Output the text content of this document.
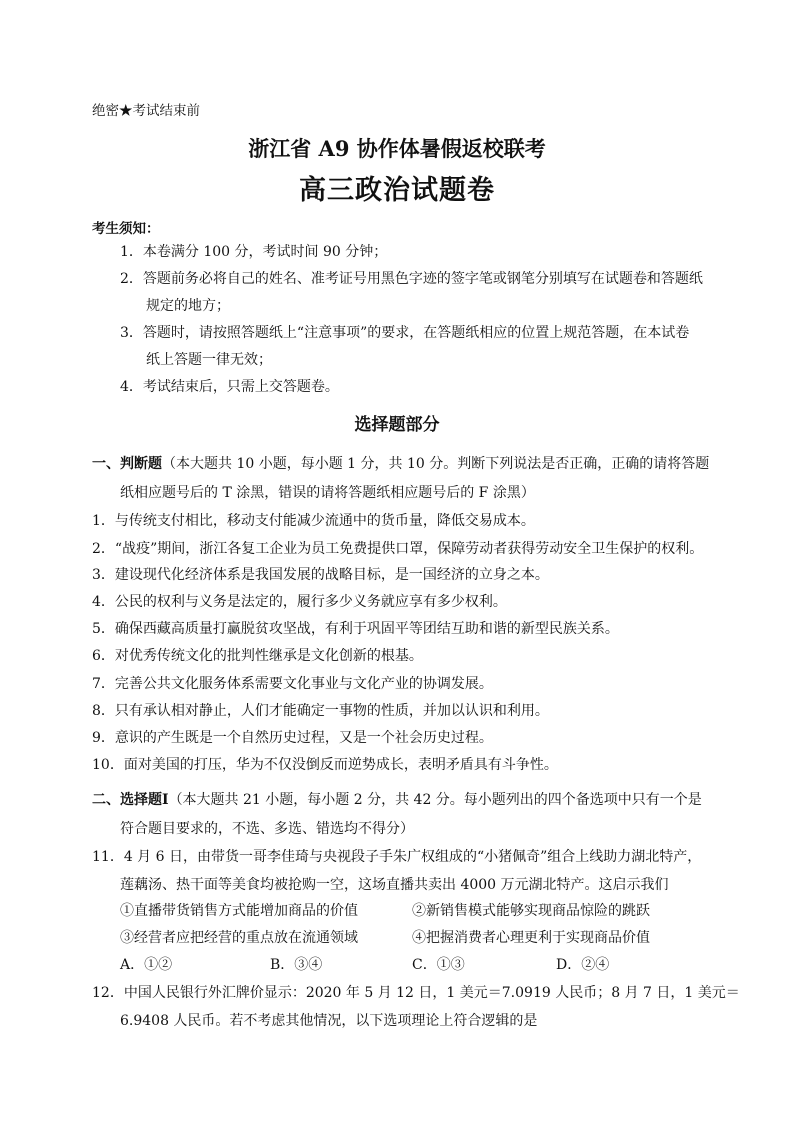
绝密★考试结束前
浙江省 A9 协作体暑假返校联考
高三政治试题卷
考生须知：
1．本卷满分 100 分，考试时间 90 分钟；
2．答题前务必将自己的姓名、准考证号用黑色字迹的签字笔或钢笔分别填写在试题卷和答题纸
规定的地方；
3．答题时，请按照答题纸上“注意事项”的要求，在答题纸相应的位置上规范答题，在本试卷
纸上答题一律无效；
4．考试结束后，只需上交答题卷。
选择题部分
一、判断题（本大题共 10 小题，每小题 1 分，共 10 分。判断下列说法是否正确，正确的请将答题
纸相应题号后的 T 涂黑，错误的请将答题纸相应题号后的 F 涂黑）
1．与传统支付相比，移动支付能减少流通中的货币量，降低交易成本。
2．“战疫”期间，浙江各复工企业为员工免费提供口罩，保障劳动者获得劳动安全卫生保护的权利。
3．建设现代化经济体系是我国发展的战略目标，是一国经济的立身之本。
4．公民的权利与义务是法定的，履行多少义务就应享有多少权利。
5．确保西藏高质量打赢脱贫攻坚战，有利于巩固平等团结互助和谐的新型民族关系。
6．对优秀传统文化的批判性继承是文化创新的根基。
7．完善公共文化服务体系需要文化事业与文化产业的协调发展。
8．只有承认相对静止，人们才能确定一事物的性质，并加以认识和利用。
9．意识的产生既是一个自然历史过程，又是一个社会历史过程。
10．面对美国的打压，华为不仅没倒反而逆势成长，表明矛盾具有斗争性。
二、选择题Ⅰ（本大题共 21 小题，每小题 2 分，共 42 分。每小题列出的四个备选项中只有一个是
符合题目要求的，不选、多选、错选均不得分）
11．4 月 6 日，由带货一哥李佳琦与央视段子手朱广权组成的“小猪佩奇”组合上线助力湖北特产，
莲藕汤、热干面等美食均被抢购一空，这场直播共卖出 4000 万元湖北特产。这启示我们
①直播带货销售方式能增加商品的价值	②新销售模式能够实现商品惊险的跳跃
③经营者应把经营的重点放在流通领域	④把握消费者心理更利于实现商品价值
A．①②	B．③④	C．①③	D．②④
12．中国人民银行外汇牌价显示：2020 年 5 月 12 日，1 美元＝7.0919 人民币；8 月 7 日，1 美元＝
6.9408 人民币。若不考虑其他情况，以下选项理论上符合逻辑的是
